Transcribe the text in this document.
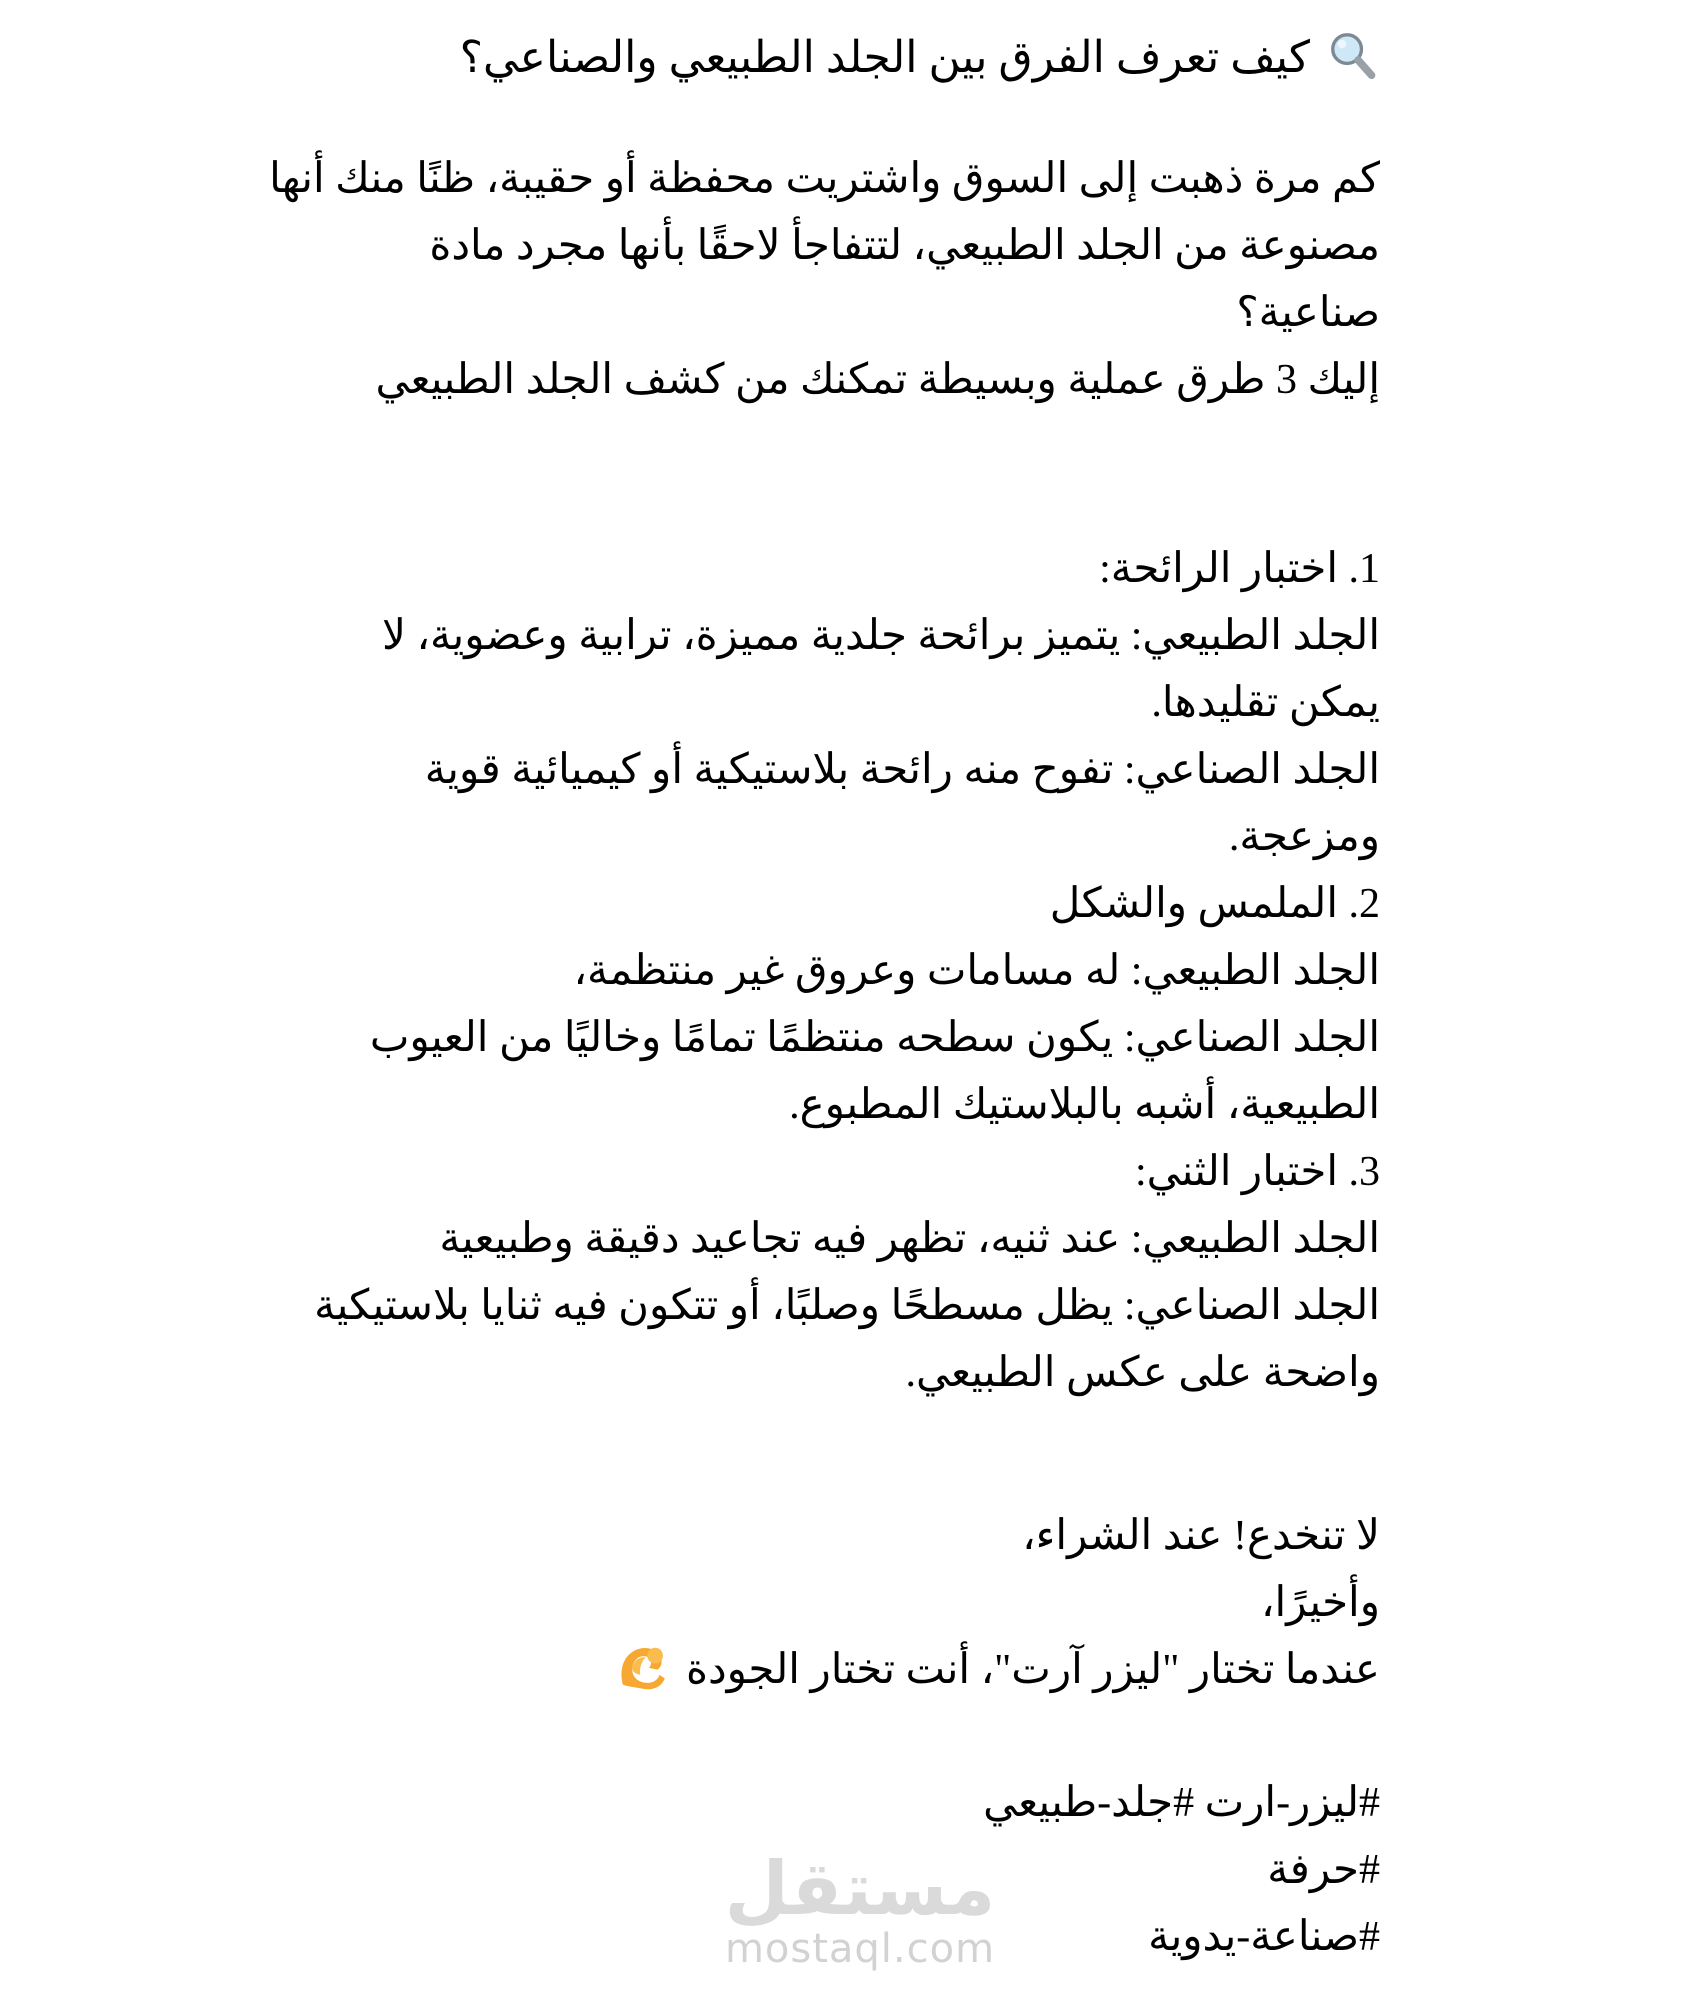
كيف تعرف الفرق بين الجلد الطبيعي والصناعي؟
كم مرة ذهبت إلى السوق واشتريت محفظة أو حقيبة، ظنًا منك أنها
مصنوعة من الجلد الطبيعي، لتتفاجأ لاحقًا بأنها مجرد مادة
صناعية؟
إليك 3 طرق عملية وبسيطة تمكنك من كشف الجلد الطبيعي
1. اختبار الرائحة:
الجلد الطبيعي: يتميز برائحة جلدية مميزة، ترابية وعضوية، لا
يمكن تقليدها.
الجلد الصناعي: تفوح منه رائحة بلاستيكية أو كيميائية قوية
ومزعجة.
2. الملمس والشكل
الجلد الطبيعي: له مسامات وعروق غير منتظمة،
الجلد الصناعي: يكون سطحه منتظمًا تمامًا وخاليًا من العيوب
الطبيعية، أشبه بالبلاستيك المطبوع.
3. اختبار الثني:
الجلد الطبيعي: عند ثنيه، تظهر فيه تجاعيد دقيقة وطبيعية
الجلد الصناعي: يظل مسطحًا وصلبًا، أو تتكون فيه ثنايا بلاستيكية
واضحة على عكس الطبيعي.
لا تنخدع! عند الشراء،
وأخيرًا،
عندما تختار "ليزر آرت"، أنت تختار الجودة
#ليزر-ارت #جلد-طبيعي
#حرفة
#صناعة-يدوية
مستقل
mostaql.com
